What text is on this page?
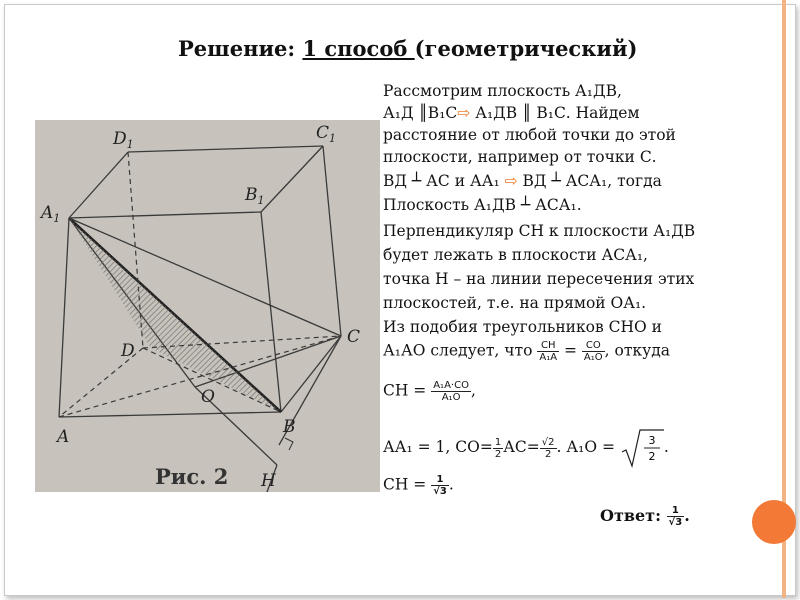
Решение: 1 способ (геометрический)
$D_1$
$C_1$
$A_1$
$B_1$
D
C
O
A	B
H
Рис. 2
Рассмотрим плоскость А₁ДВ,
А₁Д ║В₁С⇨ А₁ДВ ║ В₁С. Найдем
расстояние от любой точки до этой
плоскости, например от точки С.
ВД ┴ АС и АА₁ ⇨ ВД ┴ АСА₁, тогда
Плоскость А₁ДВ ┴ АСА₁.
Перпендикуляр СН к плоскости А₁ДВ
будет лежать в плоскости АСА₁,
точка Н – на линии пересечения этих
плоскостей, т.е. на прямой ОА₁.
Из подобия треугольников СНО и
А₁АО следует, что $\frac{СН}{\text{А₁А}} = \frac{СО}{\text{А₁О}}$ , откуда
СН = $\frac{\text{А₁А·СО}}{\text{А₁О}}$ ,
АА₁ = 1, $СО= \frac{1}{2} АС= \frac{√2}{2}$ . А₁О =	3
2
.
СН = $\frac{1}{√3}$ .
Ответ: $\frac{1}{√3}$ .
